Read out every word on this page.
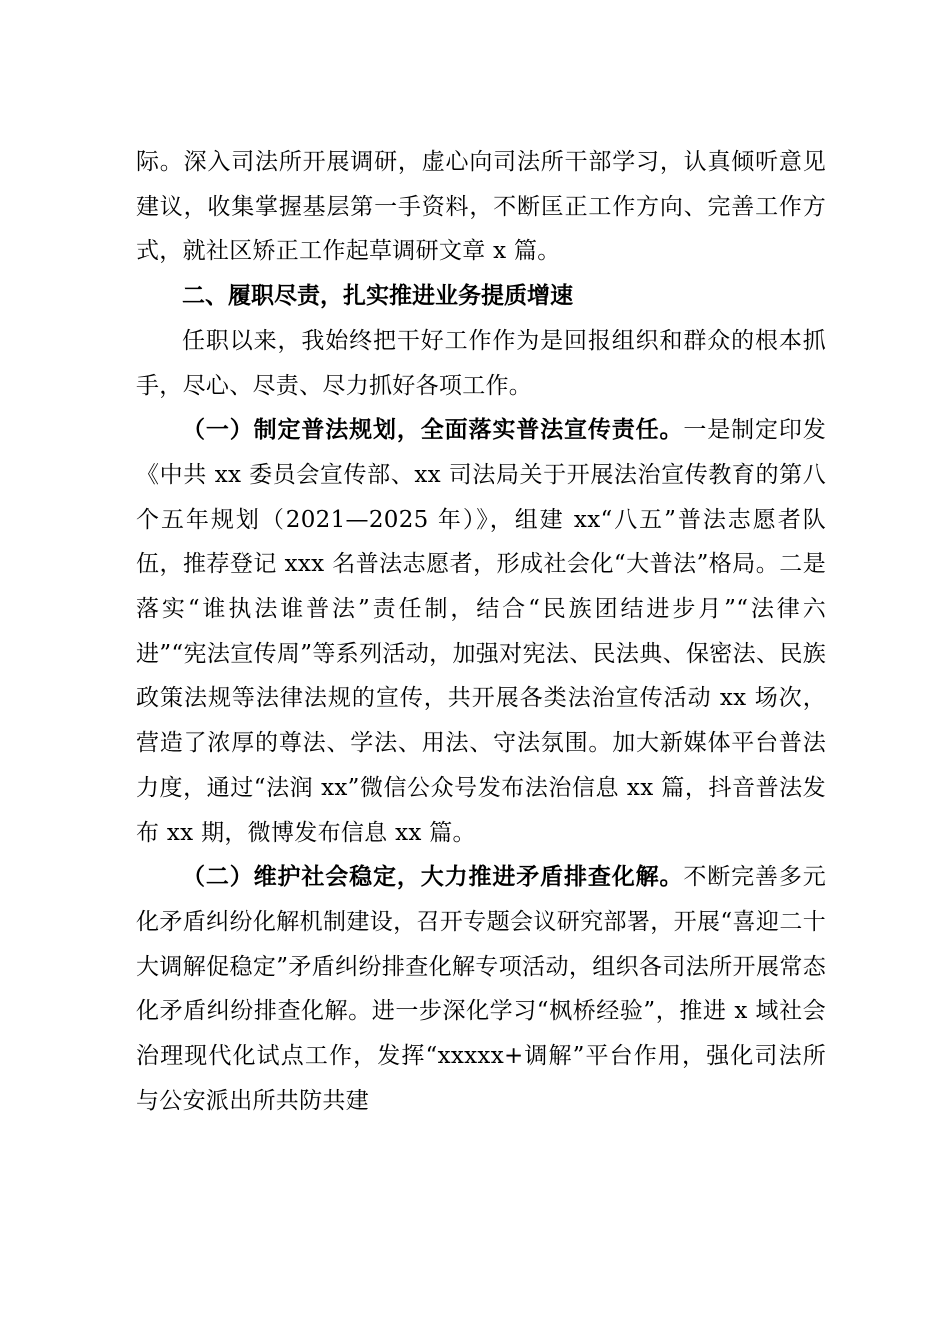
际。深入司法所开展调研，虚心向司法所干部学习，认真倾听意见建议，收集掌握基层第一手资料，不断匡正工作方向、完善工作方式，就社区矫正工作起草调研文章 x 篇。

二、履职尽责，扎实推进业务提质增速

任职以来，我始终把干好工作作为是回报组织和群众的根本抓手，尽心、尽责、尽力抓好各项工作。

（一）制定普法规划，全面落实普法宣传责任。一是制定印发《中共 xx 委员会宣传部、xx 司法局关于开展法治宣传教育的第八个五年规划（2021—2025 年）》，组建 xx“八五”普法志愿者队伍，推荐登记 xxx 名普法志愿者，形成社会化“大普法”格局。二是落实“谁执法谁普法”责任制，结合“民族团结进步月”“法律六进”“宪法宣传周”等系列活动，加强对宪法、民法典、保密法、民族政策法规等法律法规的宣传，共开展各类法治宣传活动 xx 场次，营造了浓厚的尊法、学法、用法、守法氛围。加大新媒体平台普法力度，通过“法润 xx”微信公众号发布法治信息 xx 篇，抖音普法发布 xx 期，微博发布信息 xx 篇。

（二）维护社会稳定，大力推进矛盾排查化解。不断完善多元化矛盾纠纷化解机制建设，召开专题会议研究部署，开展“喜迎二十大调解促稳定”矛盾纠纷排查化解专项活动，组织各司法所开展常态化矛盾纠纷排查化解。进一步深化学习“枫桥经验”，推进 x 域社会治理现代化试点工作，发挥“xxxxx+调解”平台作用，强化司法所与公安派出所共防共建
